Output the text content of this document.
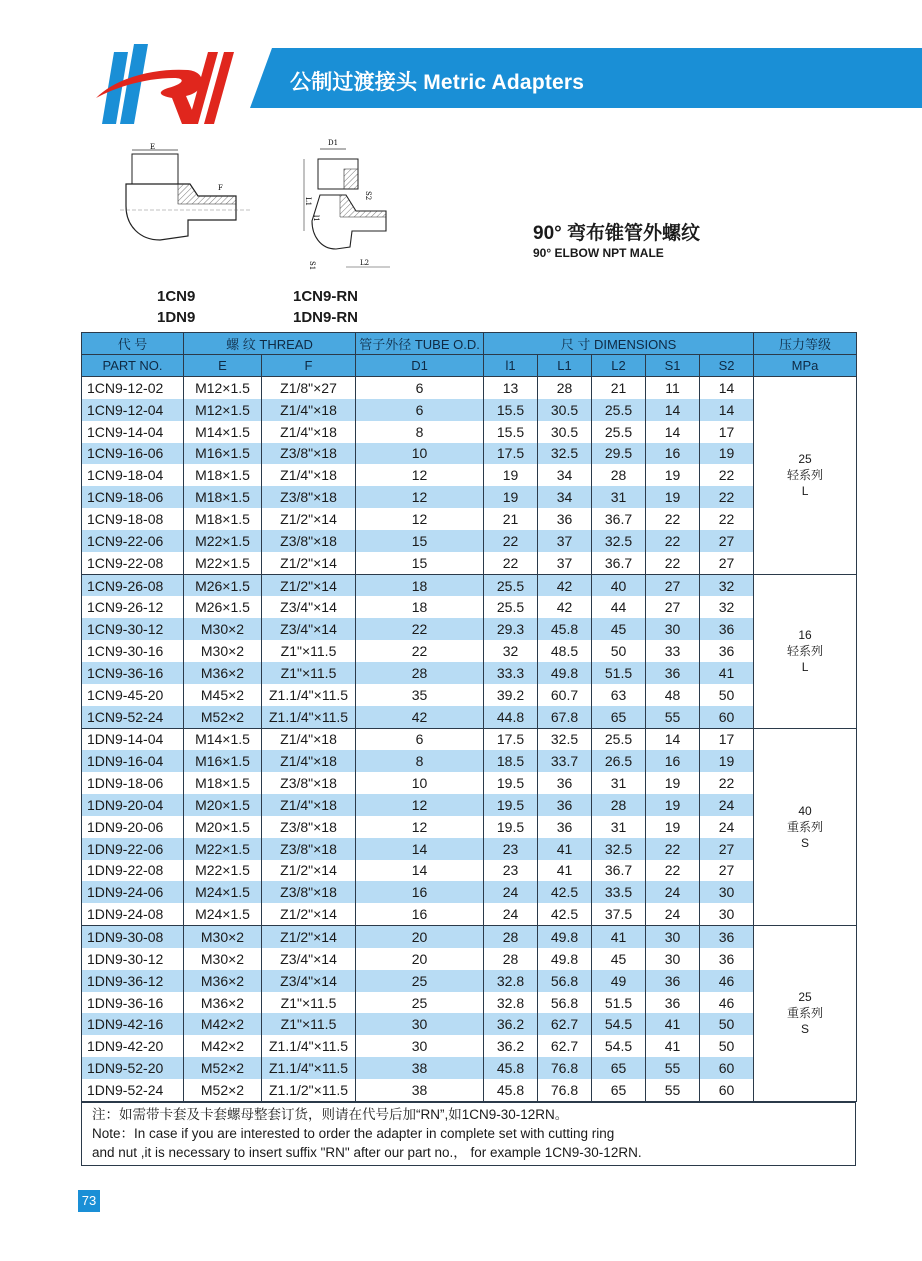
公制过渡接头 Metric Adapters
E
F
1CN9
1DN9
D1
L1
l1
S2
S1	L2
1CN9-RN
1DN9-RN
90° 弯布锥管外螺纹
90° ELBOW NPT MALE
代 号	螺 纹 THREAD		管子外径 TUBE O.D.	尺 寸 DIMENSIONS					压力等级
PART NO.	E	F	D1	l1	L1	L2	S1	S2	MPa
1CN9-12-02	M12×1.5	Z1/8"×27	6	13	28	21	11	14	25
轻系列
L

1CN9-12-04	M12×1.5	Z1/4"×18	6	15.5	30.5	25.5	14	14	
1CN9-14-04	M14×1.5	Z1/4"×18	8	15.5	30.5	25.5	14	17	
1CN9-16-06	M16×1.5	Z3/8"×18	10	17.5	32.5	29.5	16	19	
1CN9-18-04	M18×1.5	Z1/4"×18	12	19	34	28	19	22	
1CN9-18-06	M18×1.5	Z3/8"×18	12	19	34	31	19	22	
1CN9-18-08	M18×1.5	Z1/2"×14	12	21	36	36.7	22	22	
1CN9-22-06	M22×1.5	Z3/8"×18	15	22	37	32.5	22	27	
1CN9-22-08	M22×1.5	Z1/2"×14	15	22	37	36.7	22	27	
1CN9-26-08	M26×1.5	Z1/2"×14	18	25.5	42	40	27	32	16
轻系列
L

1CN9-26-12	M26×1.5	Z3/4"×14	18	25.5	42	44	27	32	
1CN9-30-12	M30×2	Z3/4"×14	22	29.3	45.8	45	30	36	
1CN9-30-16	M30×2	Z1"×11.5	22	32	48.5	50	33	36	
1CN9-36-16	M36×2	Z1"×11.5	28	33.3	49.8	51.5	36	41	
1CN9-45-20	M45×2	Z1.1/4"×11.5	35	39.2	60.7	63	48	50	
1CN9-52-24	M52×2	Z1.1/4"×11.5	42	44.8	67.8	65	55	60	
1DN9-14-04	M14×1.5	Z1/4"×18	6	17.5	32.5	25.5	14	17	40
重系列
S

1DN9-16-04	M16×1.5	Z1/4"×18	8	18.5	33.7	26.5	16	19	
1DN9-18-06	M18×1.5	Z3/8"×18	10	19.5	36	31	19	22	
1DN9-20-04	M20×1.5	Z1/4"×18	12	19.5	36	28	19	24	
1DN9-20-06	M20×1.5	Z3/8"×18	12	19.5	36	31	19	24	
1DN9-22-06	M22×1.5	Z3/8"×18	14	23	41	32.5	22	27	
1DN9-22-08	M22×1.5	Z1/2"×14	14	23	41	36.7	22	27	
1DN9-24-06	M24×1.5	Z3/8"×18	16	24	42.5	33.5	24	30	
1DN9-24-08	M24×1.5	Z1/2"×14	16	24	42.5	37.5	24	30	
1DN9-30-08	M30×2	Z1/2"×14	20	28	49.8	41	30	36	25
重系列
S

1DN9-30-12	M30×2	Z3/4"×14	20	28	49.8	45	30	36	
1DN9-36-12	M36×2	Z3/4"×14	25	32.8	56.8	49	36	46	
1DN9-36-16	M36×2	Z1"×11.5	25	32.8	56.8	51.5	36	46	
1DN9-42-16	M42×2	Z1"×11.5	30	36.2	62.7	54.5	41	50	
1DN9-42-20	M42×2	Z1.1/4"×11.5	30	36.2	62.7	54.5	41	50	
1DN9-52-20	M52×2	Z1.1/4"×11.5	38	45.8	76.8	65	55	60	
1DN9-52-24	M52×2	Z1.1/2"×11.5	38	45.8	76.8	65	55	60	
注：如需带卡套及卡套螺母整套订货，则请在代号后加“RN”,如1CN9-30-12RN。
Note：In case if you are interested to order the adapter in complete set with cutting ring
and nut ,it is necessary to insert suffix "RN" after our part no.， for example 1CN9-30-12RN.
73
